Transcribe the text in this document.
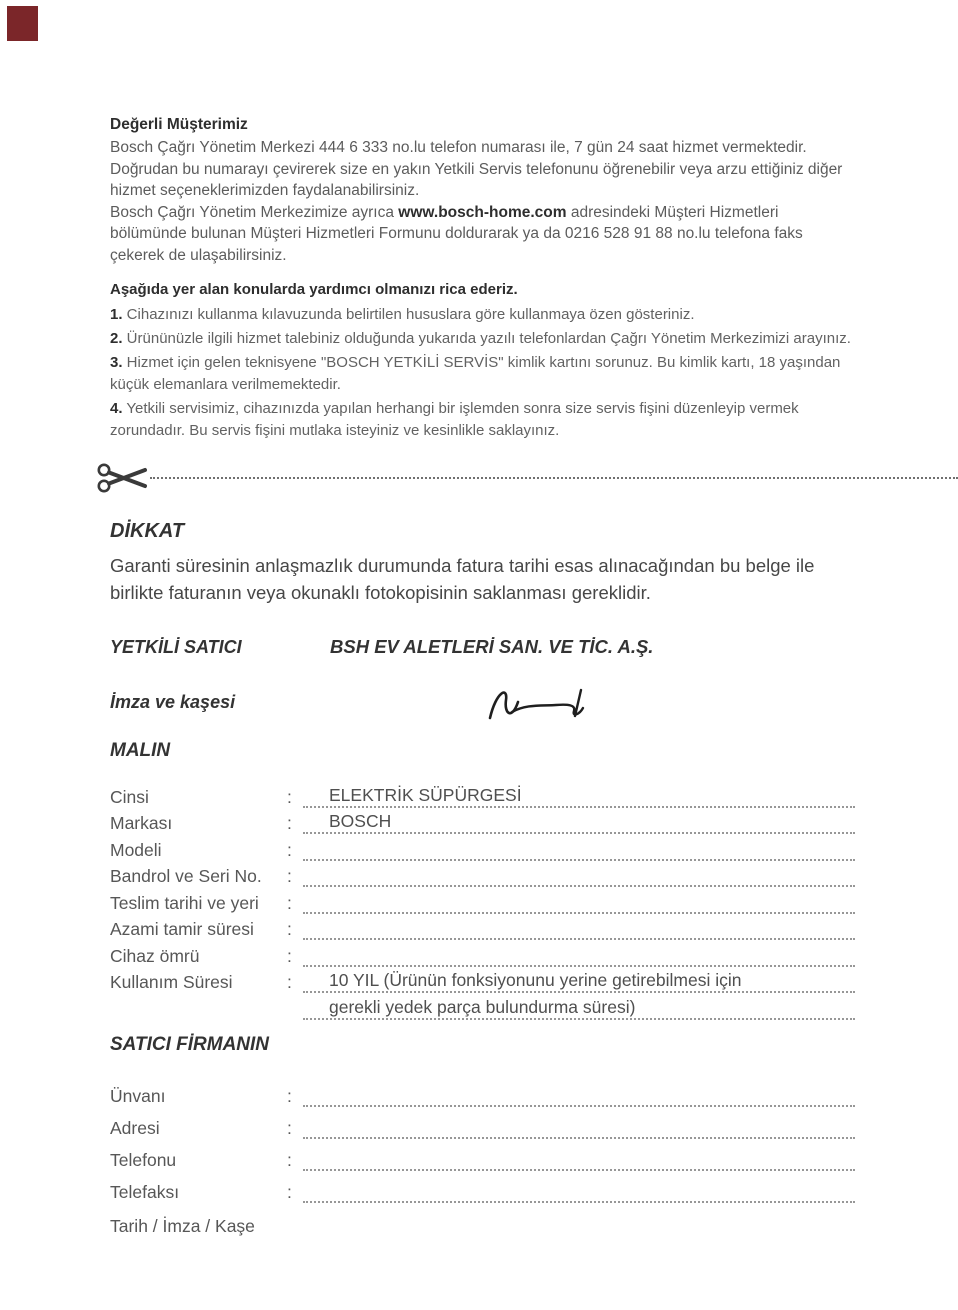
Değerli Müşterimiz

Bosch Çağrı Yönetim Merkezi 444 6 333 no.lu telefon numarası ile, 7 gün 24 saat hizmet vermektedir. Doğrudan bu numarayı çevirerek size en yakın Yetkili Servis telefonunu öğrenebilir veya arzu ettiğiniz diğer hizmet seçeneklerimizden faydalanabilirsiniz.

Bosch Çağrı Yönetim Merkezimize ayrıca www.bosch-home.com adresindeki Müşteri Hizmetleri bölümünde bulunan Müşteri Hizmetleri Formunu doldurarak ya da 0216 528 91 88 no.lu telefona faks çekerek de ulaşabilirsiniz.

Aşağıda yer alan konularda yardımcı olmanızı rica ederiz.

1. Cihazınızı kullanma kılavuzunda belirtilen hususlara göre kullanmaya özen gösteriniz.

2. Ürününüzle ilgili hizmet talebiniz olduğunda yukarıda yazılı telefonlardan Çağrı Yönetim Merkezimizi arayınız.

3. Hizmet için gelen teknisyene "BOSCH YETKİLİ SERVİS" kimlik kartını sorunuz. Bu kimlik kartı, 18 yaşından küçük elemanlara verilmemektedir.

4. Yetkili servisimiz, cihazınızda yapılan herhangi bir işlemden sonra size servis fişini düzenleyip vermek zorundadır. Bu servis fişini mutlaka isteyiniz ve kesinlikle saklayınız.

DİKKAT

Garanti süresinin anlaşmazlık durumunda fatura tarihi esas alınacağından bu belge ile birlikte faturanın veya okunaklı fotokopisinin saklanması gereklidir.

YETKİLİ SATICI	BSH EV ALETLERİ SAN. VE TİC. A.Ş.
İmza ve kaşesi
MALIN
Cinsi	:	ELEKTRİK SÜPÜRGESİ
Markası	:	BOSCH
Modeli	:
Bandrol ve Seri No.	:
Teslim tarihi ve yeri	:
Azami tamir süresi	:
Cihaz ömrü	:
Kullanım Süresi	:	10 YIL (Ürünün fonksiyonunu yerine getirebilmesi için
gerekli yedek parça bulundurma süresi)
SATICI FİRMANIN
Ünvanı	:
Adresi	:
Telefonu	:
Telefaksı	:
Tarih / İmza / Kaşe
